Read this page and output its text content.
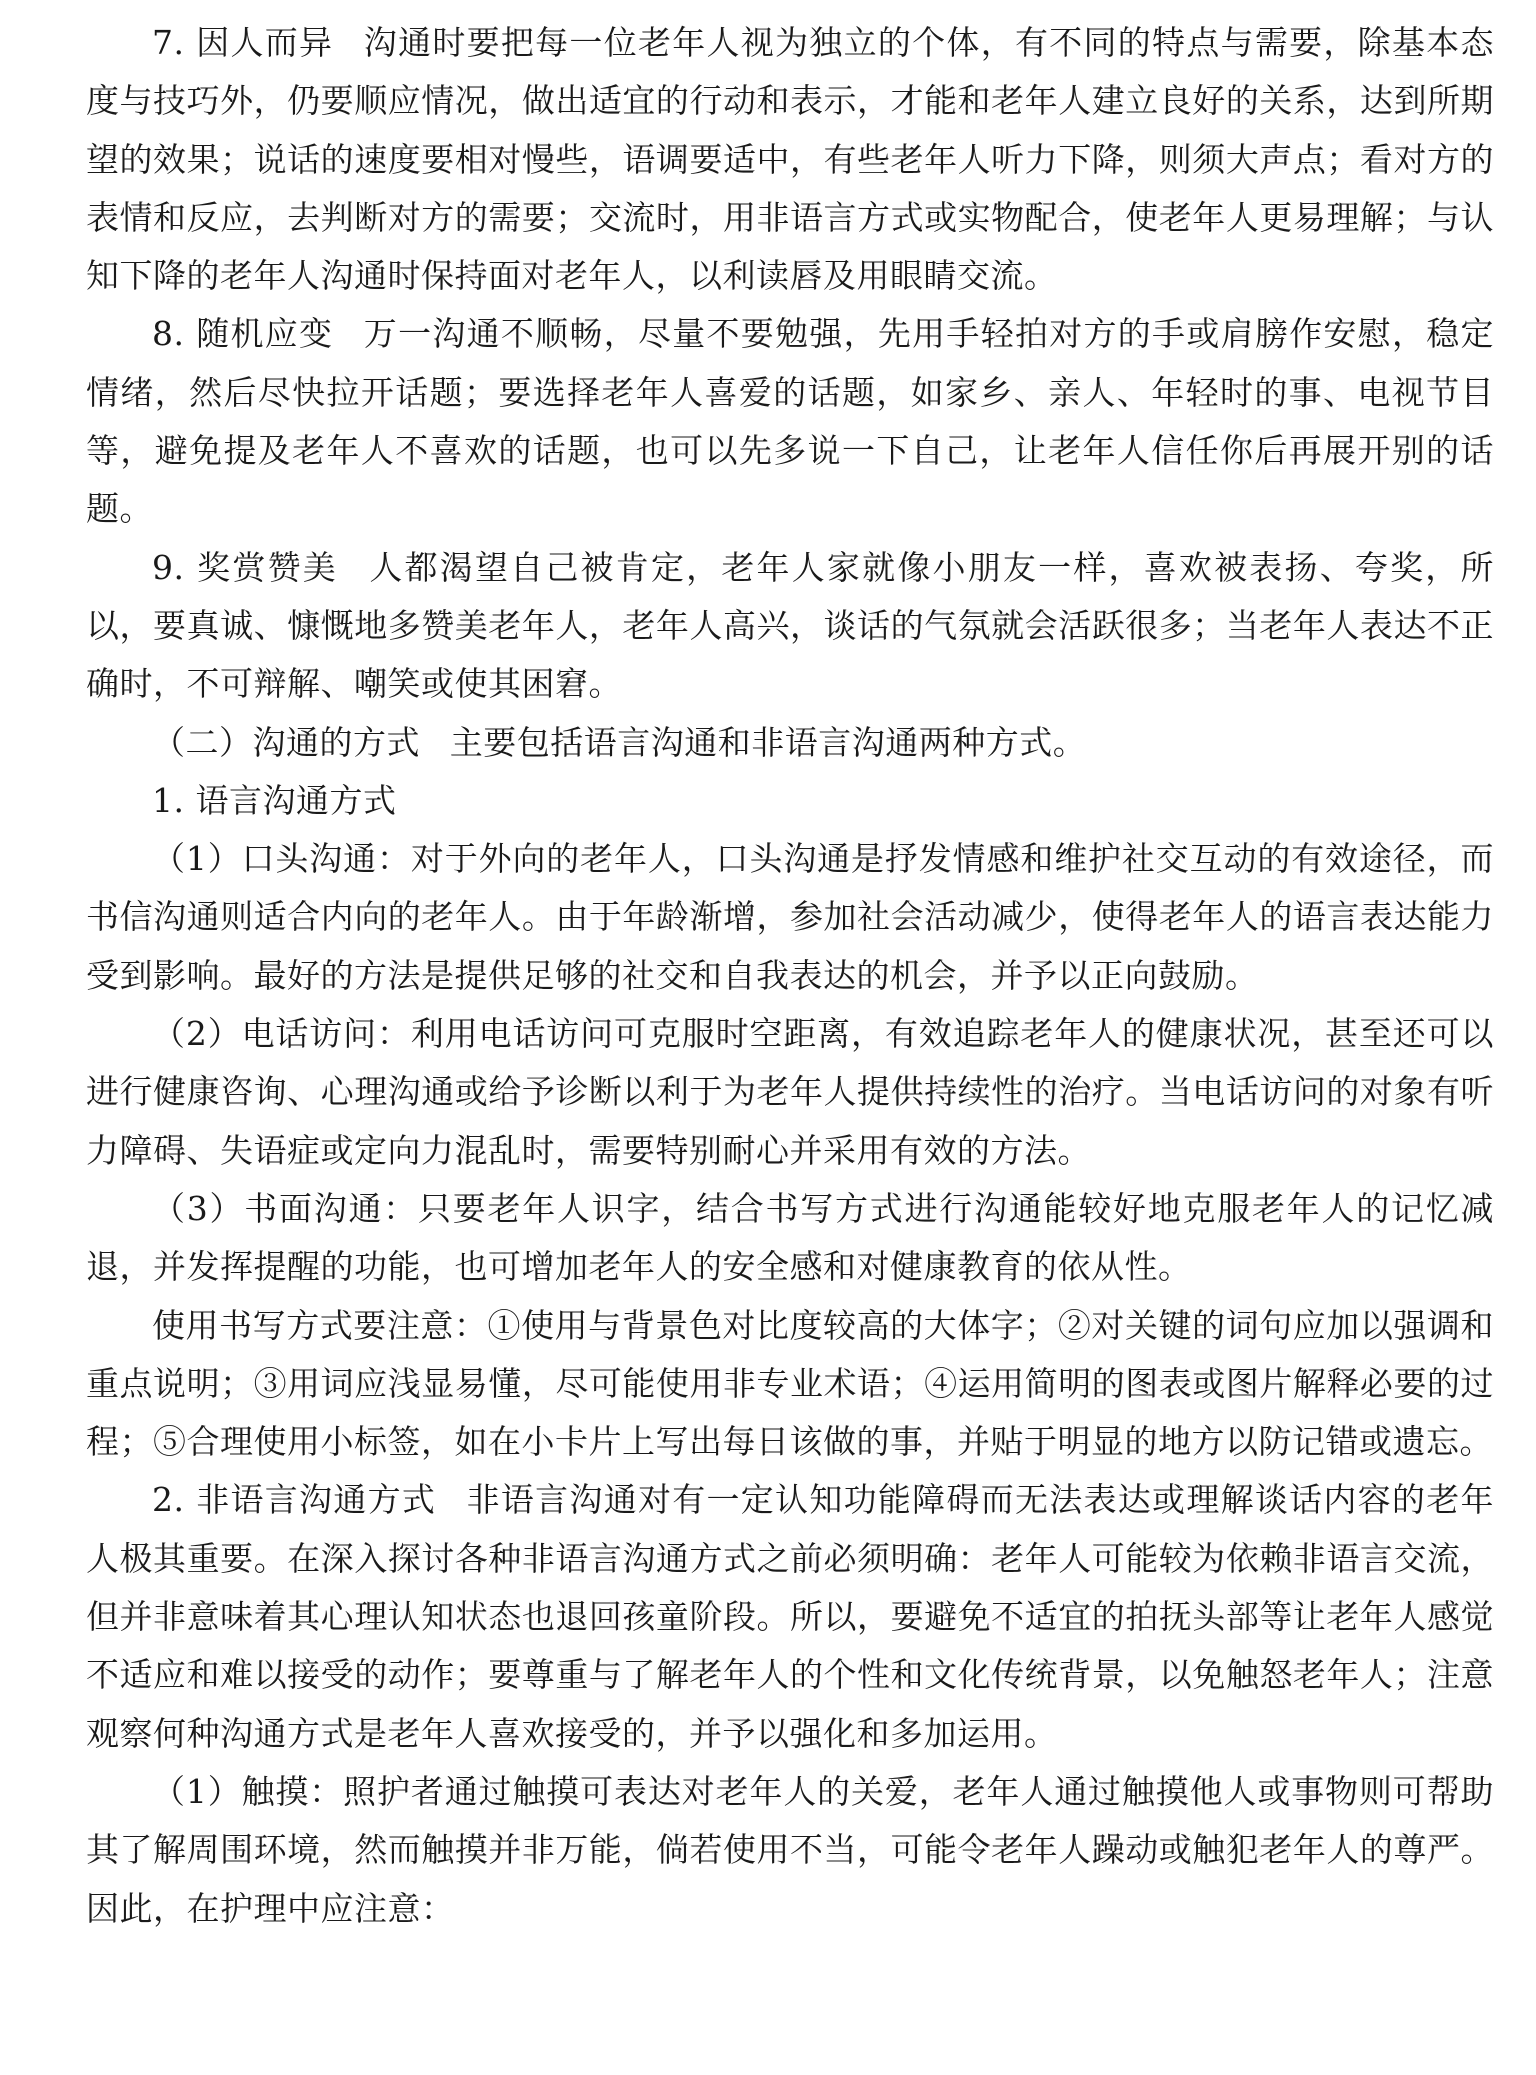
7. 因人而异 沟通时要把每一位老年人视为独立的个体，有不同的特点与需要，除基本态度与技巧外，仍要顺应情况，做出适宜的行动和表示，才能和老年人建立良好的关系，达到所期望的效果；说话的速度要相对慢些，语调要适中，有些老年人听力下降，则须大声点；看对方的表情和反应，去判断对方的需要；交流时，用非语言方式或实物配合，使老年人更易理解；与认知下降的老年人沟通时保持面对老年人，以利读唇及用眼睛交流。

8. 随机应变 万一沟通不顺畅，尽量不要勉强，先用手轻拍对方的手或肩膀作安慰，稳定情绪，然后尽快拉开话题；要选择老年人喜爱的话题，如家乡、亲人、年轻时的事、电视节目等，避免提及老年人不喜欢的话题，也可以先多说一下自己，让老年人信任你后再展开别的话题。

9. 奖赏赞美 人都渴望自己被肯定，老年人家就像小朋友一样，喜欢被表扬、夸奖，所以，要真诚、慷慨地多赞美老年人，老年人高兴，谈话的气氛就会活跃很多；当老年人表达不正确时，不可辩解、嘲笑或使其困窘。

（二）沟通的方式 主要包括语言沟通和非语言沟通两种方式。

1. 语言沟通方式

（1）口头沟通：对于外向的老年人，口头沟通是抒发情感和维护社交互动的有效途径，而书信沟通则适合内向的老年人。由于年龄渐增，参加社会活动减少，使得老年人的语言表达能力受到影响。最好的方法是提供足够的社交和自我表达的机会，并予以正向鼓励。

（2）电话访问：利用电话访问可克服时空距离，有效追踪老年人的健康状况，甚至还可以进行健康咨询、心理沟通或给予诊断以利于为老年人提供持续性的治疗。当电话访问的对象有听力障碍、失语症或定向力混乱时，需要特别耐心并采用有效的方法。

（3）书面沟通：只要老年人识字，结合书写方式进行沟通能较好地克服老年人的记忆减退，并发挥提醒的功能，也可增加老年人的安全感和对健康教育的依从性。

使用书写方式要注意：①使用与背景色对比度较高的大体字；②对关键的词句应加以强调和重点说明；③用词应浅显易懂，尽可能使用非专业术语；④运用简明的图表或图片解释必要的过程；⑤合理使用小标签，如在小卡片上写出每日该做的事，并贴于明显的地方以防记错或遗忘。

2. 非语言沟通方式 非语言沟通对有一定认知功能障碍而无法表达或理解谈话内容的老年人极其重要。在深入探讨各种非语言沟通方式之前必须明确：老年人可能较为依赖非语言交流，但并非意味着其心理认知状态也退回孩童阶段。所以，要避免不适宜的拍抚头部等让老年人感觉不适应和难以接受的动作；要尊重与了解老年人的个性和文化传统背景，以免触怒老年人；注意观察何种沟通方式是老年人喜欢接受的，并予以强化和多加运用。

（1）触摸：照护者通过触摸可表达对老年人的关爱，老年人通过触摸他人或事物则可帮助其了解周围环境，然而触摸并非万能，倘若使用不当，可能令老年人躁动或触犯老年人的尊严。因此，在护理中应注意：
